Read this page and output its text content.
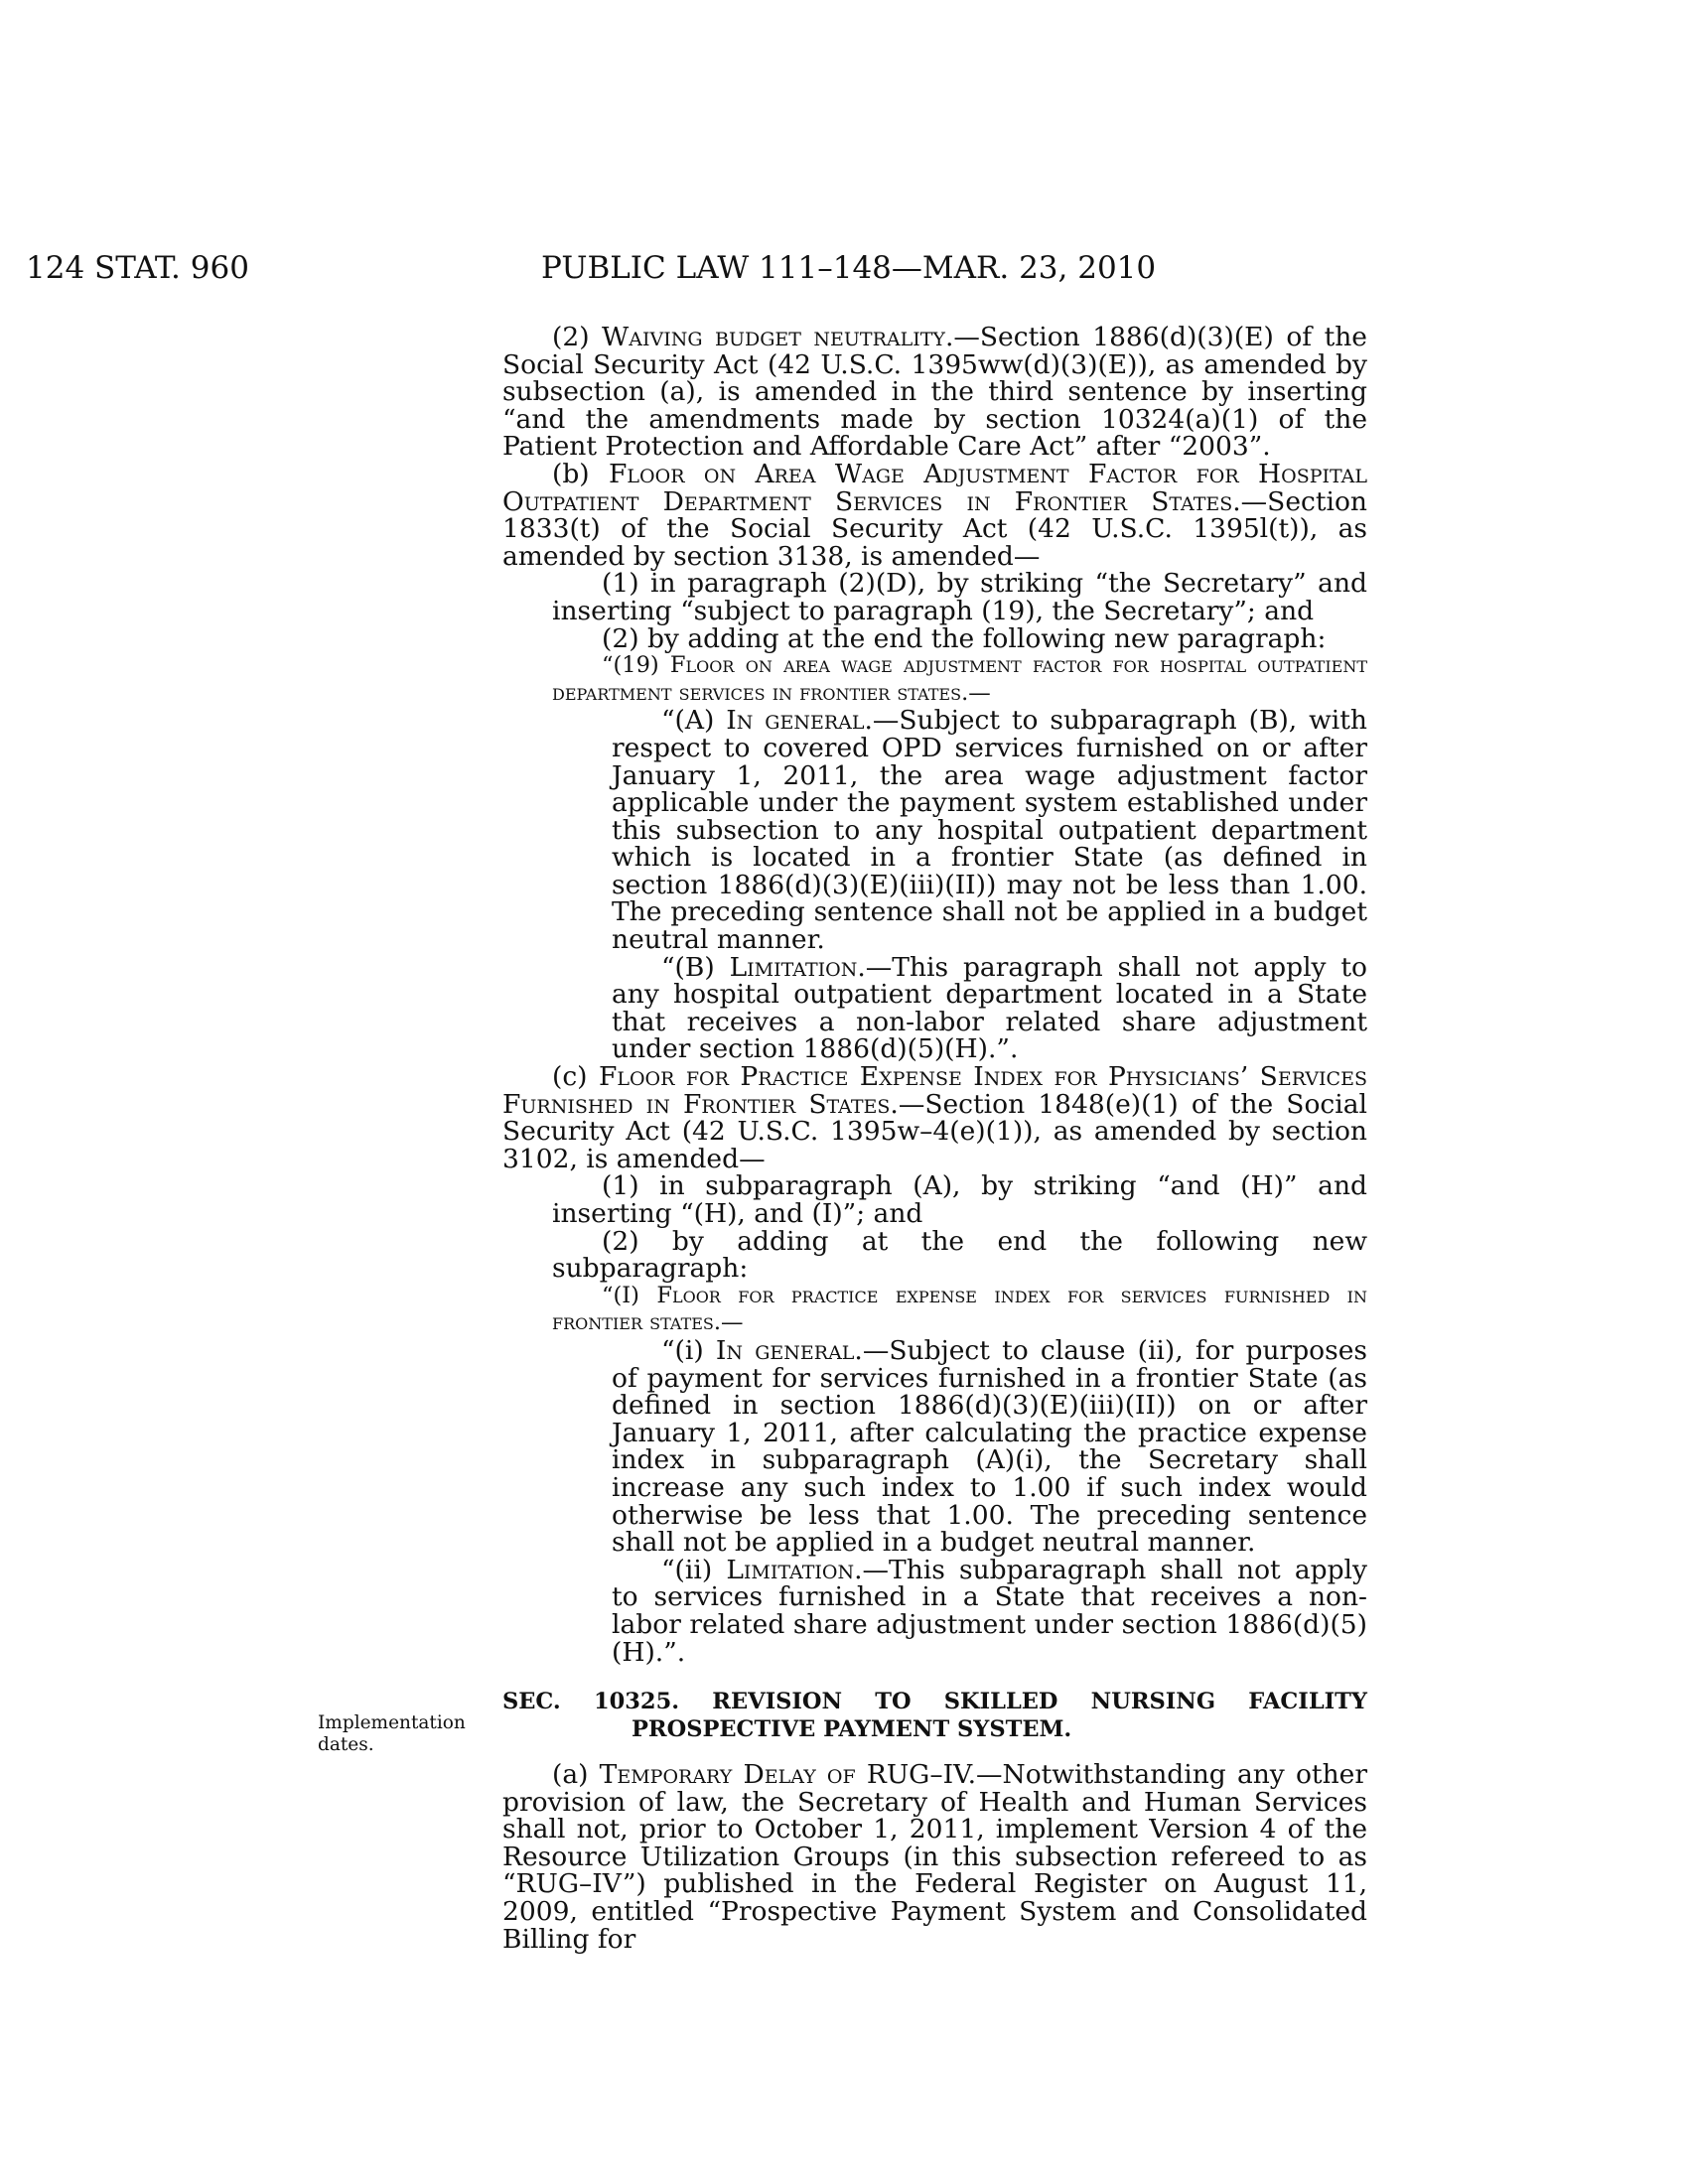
124 STAT. 960	PUBLIC LAW 111–148—MAR. 23, 2010
Implementation
dates.

(2) Waiving budget neutrality.—Section 1886(d)(3)(E) of the Social Security Act (42 U.S.C. 1395ww(d)(3)(E)), as amended by subsection (a), is amended in the third sentence by inserting “and the amendments made by section 10324(a)(1) of the Patient Protection and Affordable Care Act” after “2003”.

(b) Floor on Area Wage Adjustment Factor for Hospital Outpatient Department Services in Frontier States.—Section 1833(t) of the Social Security Act (42 U.S.C. 1395l(t)), as amended by section 3138, is amended—

(1) in paragraph (2)(D), by striking “the Secretary” and inserting “subject to paragraph (19), the Secretary”; and

(2) by adding at the end the following new paragraph:

“(19) Floor on area wage adjustment factor for hospital outpatient department services in frontier states.—

“(A) In general.—Subject to subparagraph (B), with respect to covered OPD services furnished on or after January 1, 2011, the area wage adjustment factor applicable under the payment system established under this subsection to any hospital outpatient department which is located in a frontier State (as defined in section 1886(d)(3)(E)(iii)(II)) may not be less than 1.00. The preceding sentence shall not be applied in a budget neutral manner.

“(B) Limitation.—This paragraph shall not apply to any hospital outpatient department located in a State that receives a non-labor related share adjustment under section 1886(d)(5)(H).”.

(c) Floor for Practice Expense Index for Physicians’ Services Furnished in Frontier States.—Section 1848(e)(1) of the Social Security Act (42 U.S.C. 1395w–4(e)(1)), as amended by section 3102, is amended—

(1) in subparagraph (A), by striking “and (H)” and inserting “(H), and (I)”; and

(2) by adding at the end the following new subparagraph:

“(I) Floor for practice expense index for services furnished in frontier states.—

“(i) In general.—Subject to clause (ii), for purposes of payment for services furnished in a frontier State (as defined in section 1886(d)(3)(E)(iii)(II)) on or after January 1, 2011, after calculating the practice expense index in subparagraph (A)(i), the Secretary shall increase any such index to 1.00 if such index would otherwise be less that 1.00. The preceding sentence shall not be applied in a budget neutral manner.

“(ii) Limitation.—This subparagraph shall not apply to services furnished in a State that receives a non-labor related share adjustment under section 1886(d)(5)(H).”.

SEC. 10325. REVISION TO SKILLED NURSING FACILITY PROSPECTIVE PAYMENT SYSTEM.

(a) Temporary Delay of RUG–IV.—Notwithstanding any other provision of law, the Secretary of Health and Human Services shall not, prior to October 1, 2011, implement Version 4 of the Resource Utilization Groups (in this subsection refereed to as “RUG–IV”) published in the Federal Register on August 11, 2009, entitled “Prospective Payment System and Consolidated Billing for
